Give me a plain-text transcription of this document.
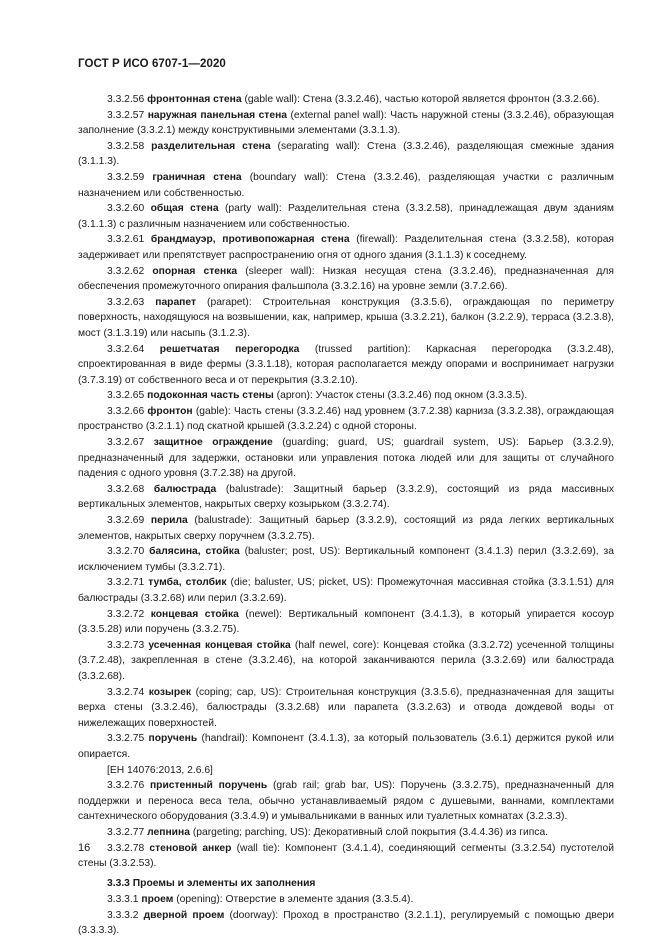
ГОСТ Р ИСО 6707-1—2020

3.3.2.56 фронтонная стена (gable wall): Стена (3.3.2.46), частью которой является фронтон (3.3.2.66).

3.3.2.57 наружная панельная стена (external panel wall): Часть наружной стены (3.3.2.46), образующая заполнение (3.3.2.1) между конструктивными элементами (3.3.1.3).

3.3.2.58 разделительная стена (separating wall): Стена (3.3.2.46), разделяющая смежные здания (3.1.1.3).

3.3.2.59 граничная стена (boundary wall): Стена (3.3.2.46), разделяющая участки с различным назначением или собственностью.

3.3.2.60 общая стена (party wall): Разделительная стена (3.3.2.58), принадлежащая двум зданиям (3.1.1.3) с различным назначением или собственностью.

3.3.2.61 брандмауэр, противопожарная стена (firewall): Разделительная стена (3.3.2.58), которая задерживает или препятствует распространению огня от одного здания (3.1.1.3) к соседнему.

3.3.2.62 опорная стенка (sleeper wall): Низкая несущая стена (3.3.2.46), предназначенная для обеспечения промежуточного опирания фальшпола (3.3.2.16) на уровне земли (3.7.2.66).

3.3.2.63 парапет (parapet): Строительная конструкция (3.3.5.6), ограждающая по периметру поверхность, находящуюся на возвышении, как, например, крыша (3.3.2.21), балкон (3.2.2.9), терраса (3.2.3.8), мост (3.1.3.19) или насыпь (3.1.2.3).

3.3.2.64 решетчатая перегородка (trussed partition): Каркасная перегородка (3.3.2.48), спроектированная в виде фермы (3.3.1.18), которая располагается между опорами и воспринимает нагрузки (3.7.3.19) от собственного веса и от перекрытия (3.3.2.10).

3.3.2.65 подоконная часть стены (apron): Участок стены (3.3.2.46) под окном (3.3.3.5).

3.3.2.66 фронтон (gable): Часть стены (3.3.2.46) над уровнем (3.7.2.38) карниза (3.3.2.38), ограждающая пространство (3.2.1.1) под скатной крышей (3.3.2.24) с одной стороны.

3.3.2.67 защитное ограждение (guarding; guard, US; guardrail system, US): Барьер (3.3.2.9), предназначенный для задержки, остановки или управления потока людей или для защиты от случайного падения с одного уровня (3.7.2.38) на другой.

3.3.2.68 балюстрада (balustrade): Защитный барьер (3.3.2.9), состоящий из ряда массивных вертикальных элементов, накрытых сверху козырьком (3.3.2.74).

3.3.2.69 перила (balustrade): Защитный барьер (3.3.2.9), состоящий из ряда легких вертикальных элементов, накрытых сверху поручнем (3.3.2.75).

3.3.2.70 балясина, стойка (baluster; post, US): Вертикальный компонент (3.4.1.3) перил (3.3.2.69), за исключением тумбы (3.3.2.71).

3.3.2.71 тумба, столбик (die; baluster, US; picket, US): Промежуточная массивная стойка (3.3.1.51) для балюстрады (3.3.2.68) или перил (3.3.2.69).

3.3.2.72 концевая стойка (newel): Вертикальный компонент (3.4.1.3), в который упирается косоур (3.3.5.28) или поручень (3.3.2.75).

3.3.2.73 усеченная концевая стойка (half newel, core): Концевая стойка (3.3.2.72) усеченной толщины (3.7.2.48), закрепленная в стене (3.3.2.46), на которой заканчиваются перила (3.3.2.69) или балюстрада (3.3.2.68).

3.3.2.74 козырек (coping; cap, US): Строительная конструкция (3.3.5.6), предназначенная для защиты верха стены (3.3.2.46), балюстрады (3.3.2.68) или парапета (3.3.2.63) и отвода дождевой воды от нижележащих поверхностей.

3.3.2.75 поручень (handrail): Компонент (3.4.1.3), за который пользователь (3.6.1) держится рукой или опирается.

[ЕН 14076:2013, 2.6.6]

3.3.2.76 пристенный поручень (grab rail; grab bar, US): Поручень (3.3.2.75), предназначенный для поддержки и переноса веса тела, обычно устанавливаемый рядом с душевыми, ваннами, комплектами сантехнического оборудования (3.3.4.9) и умывальниками в ванных или туалетных комнатах (3.2.3.3).

3.3.2.77 лепнина (pargeting; parching, US): Декоративный слой покрытия (3.4.4.36) из гипса.

3.3.2.78 стеновой анкер (wall tie): Компонент (3.4.1.4), соединяющий сегменты (3.3.2.54) пустотелой стены (3.3.2.53).

3.3.3 Проемы и элементы их заполнения

3.3.3.1 проем (opening): Отверстие в элементе здания (3.3.5.4).

3.3.3.2 дверной проем (doorway): Проход в пространство (3.2.1.1), регулируемый с помощью двери (3.3.3.3).

16
